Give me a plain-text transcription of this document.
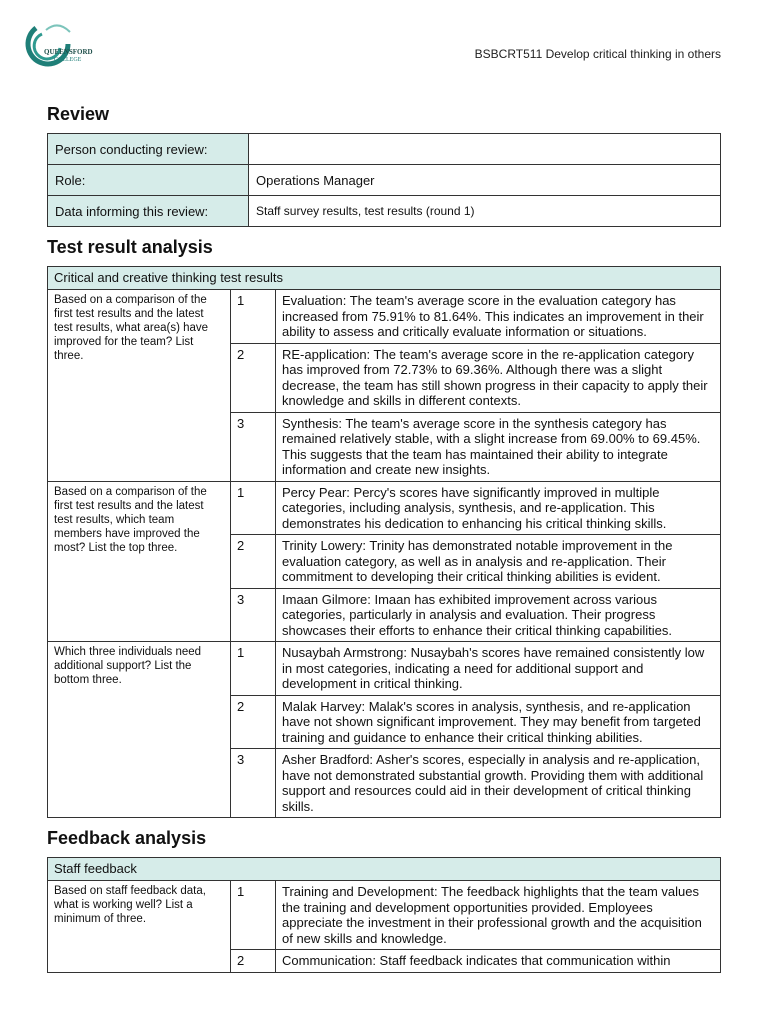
QUEENSFORD
COLLEGE	BSBCRT511 Develop critical thinking in others
Review
Person conducting review:	
Role:	Operations Manager
Data informing this review:	Staff survey results, test results (round 1)
Test result analysis
Critical and creative thinking test results		
Based on a comparison of the first test results and the latest test results, what area(s) have improved for the team? List three.	1	Evaluation: The team's average score in the evaluation category has increased from 75.91% to 81.64%. This indicates an improvement in their ability to assess and critically evaluate information or situations.
	2	RE-application: The team's average score in the re-application category has improved from 72.73% to 69.36%. Although there was a slight decrease, the team has still shown progress in their capacity to apply their knowledge and skills in different contexts.
	3	Synthesis: The team's average score in the synthesis category has remained relatively stable, with a slight increase from 69.00% to 69.45%. This suggests that the team has maintained their ability to integrate information and create new insights.
Based on a comparison of the first test results and the latest test results, which team members have improved the most? List the top three.	1	Percy Pear: Percy's scores have significantly improved in multiple categories, including analysis, synthesis, and re-application. This demonstrates his dedication to enhancing his critical thinking skills.
	2	Trinity Lowery: Trinity has demonstrated notable improvement in the evaluation category, as well as in analysis and re-application. Their commitment to developing their critical thinking abilities is evident.
	3	Imaan Gilmore: Imaan has exhibited improvement across various categories, particularly in analysis and evaluation. Their progress showcases their efforts to enhance their critical thinking capabilities.
Which three individuals need additional support? List the bottom three.	1	Nusaybah Armstrong: Nusaybah's scores have remained consistently low in most categories, indicating a need for additional support and development in critical thinking.
	2	Malak Harvey: Malak's scores in analysis, synthesis, and re-application have not shown significant improvement. They may benefit from targeted training and guidance to enhance their critical thinking abilities.
	3	Asher Bradford: Asher's scores, especially in analysis and re-application, have not demonstrated substantial growth. Providing them with additional support and resources could aid in their development of critical thinking skills.
Feedback analysis
Staff feedback		
Based on staff feedback data, what is working well? List a minimum of three.	1	Training and Development: The feedback highlights that the team values the training and development opportunities provided. Employees appreciate the investment in their professional growth and the acquisition of new skills and knowledge.
	2	Communication: Staff feedback indicates that communication within
